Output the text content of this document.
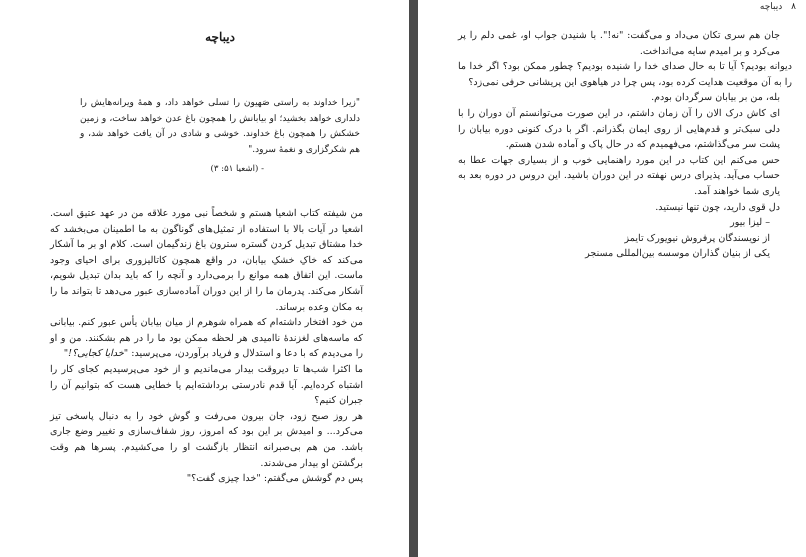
دیباچه

"زیرا خداوند به راستی صَهیون را تسلی خواهد داد، و همهٔ ویرانه‌هایش را دلداری خواهد بخشید؛ او بیابانش را همچون باغ عدن خواهد ساخت، و زمین خشکش را همچون باغ خداوند. خوشی و شادی در آن یافت خواهد شد، و هم شکرگزاری و نغمهٔ سرود."

- (اشعیا ۵۱: ۳)

من شیفته کتاب اشعیا هستم و شخصاً نبی مورد علاقه من در عهد عتیق است. اشعیا در آیات بالا با استفاده از تمثیل‌های گوناگون به ما اطمینان می‌بخشد که خدا مشتاق تبدیل کردن گستره سترون باغ زندگیمان است. کلام او بر ما آشکار می‌کند که خاکِ خشکِ بیابان، در واقع همچون کاتالیزوری برای احیای وجود ماست. این اتفاق همه موانع را برمی‌دارد و آنچه را که باید بدان تبدیل شویم، آشکار می‌کند. پدرمان ما را از این دوران آماده‌سازی عبور می‌دهد تا بتواند ما را به مکان وعده برساند.

من خود افتخار داشته‌ام که همراه شوهرم از میان بیابان یأس عبور کنم. بیابانی که ماسه‌های لغزندهٔ ناامیدی هر لحظه ممکن بود ما را در هم بشکنند. من و او را می‌دیدم که با دعا و استدلال و فریاد برآوردن، می‌پرسید: "خدایا کجایی؟!"

ما اکثرا شب‌ها تا دیروقت بیدار می‌ماندیم و از خود می‌پرسیدیم کجای کار را اشتباه کرده‌ایم. آیا قدم نادرستی برداشته‌ایم یا خطایی هست که بتوانیم آن را جبران کنیم؟

هر روز صبح زود، جان بیرون می‌رفت و گوش خود را به دنبال پاسخی تیز می‌کرد... و امیدش بر این بود که امروز، روز شفاف‌سازی و تغییر وضع جاری باشد. من هم بی‌صبرانه انتظار بازگشت او را می‌کشیدم. پسرها هم وقت برگشتن او بیدار می‌شدند.

پس دم گوشش می‌گفتم: "خدا چیزی گفت؟"

۸ دیباچه

جان هم سری تکان می‌داد و می‌گفت: "نه!". با شنیدن جواب او، غمی دلم را پر می‌کرد و بر امیدم سایه می‌انداخت.

دیوانه بودیم؟ آیا تا به حال صدای خدا را شنیده بودیم؟ چطور ممکن بود؟ اگر خدا ما را به آن موقعیت هدایت کرده بود، پس چرا در هیاهوی این پریشانی حرفی نمی‌زد؟

بله، من بر بیابان سرگردان بودم.

ای کاش درک الان را آن زمان داشتم، در این صورت می‌توانستم آن دوران را با دلی سبک‌تر و قدم‌هایی از روی ایمان بگذرانم. اگر با درک کنونی دوره بیابان را پشت سر می‌گذاشتم، می‌فهمیدم که در حال پاک و آماده شدن هستم.

حس می‌کنم این کتاب در این مورد راهنمایی خوب و از بسیاری جهات عطا به حساب می‌آید. پذیرای درس نهفته در این دوران باشید. این دروس در دوره بعد به یاری شما خواهند آمد.

دل قوی دارید، چون تنها نیستید.

– لیزا بیور

از نویسندگان پرفروش نیویورک تایمز

یکی از بنیان گذاران موسسه بین‌المللی مسنجر
